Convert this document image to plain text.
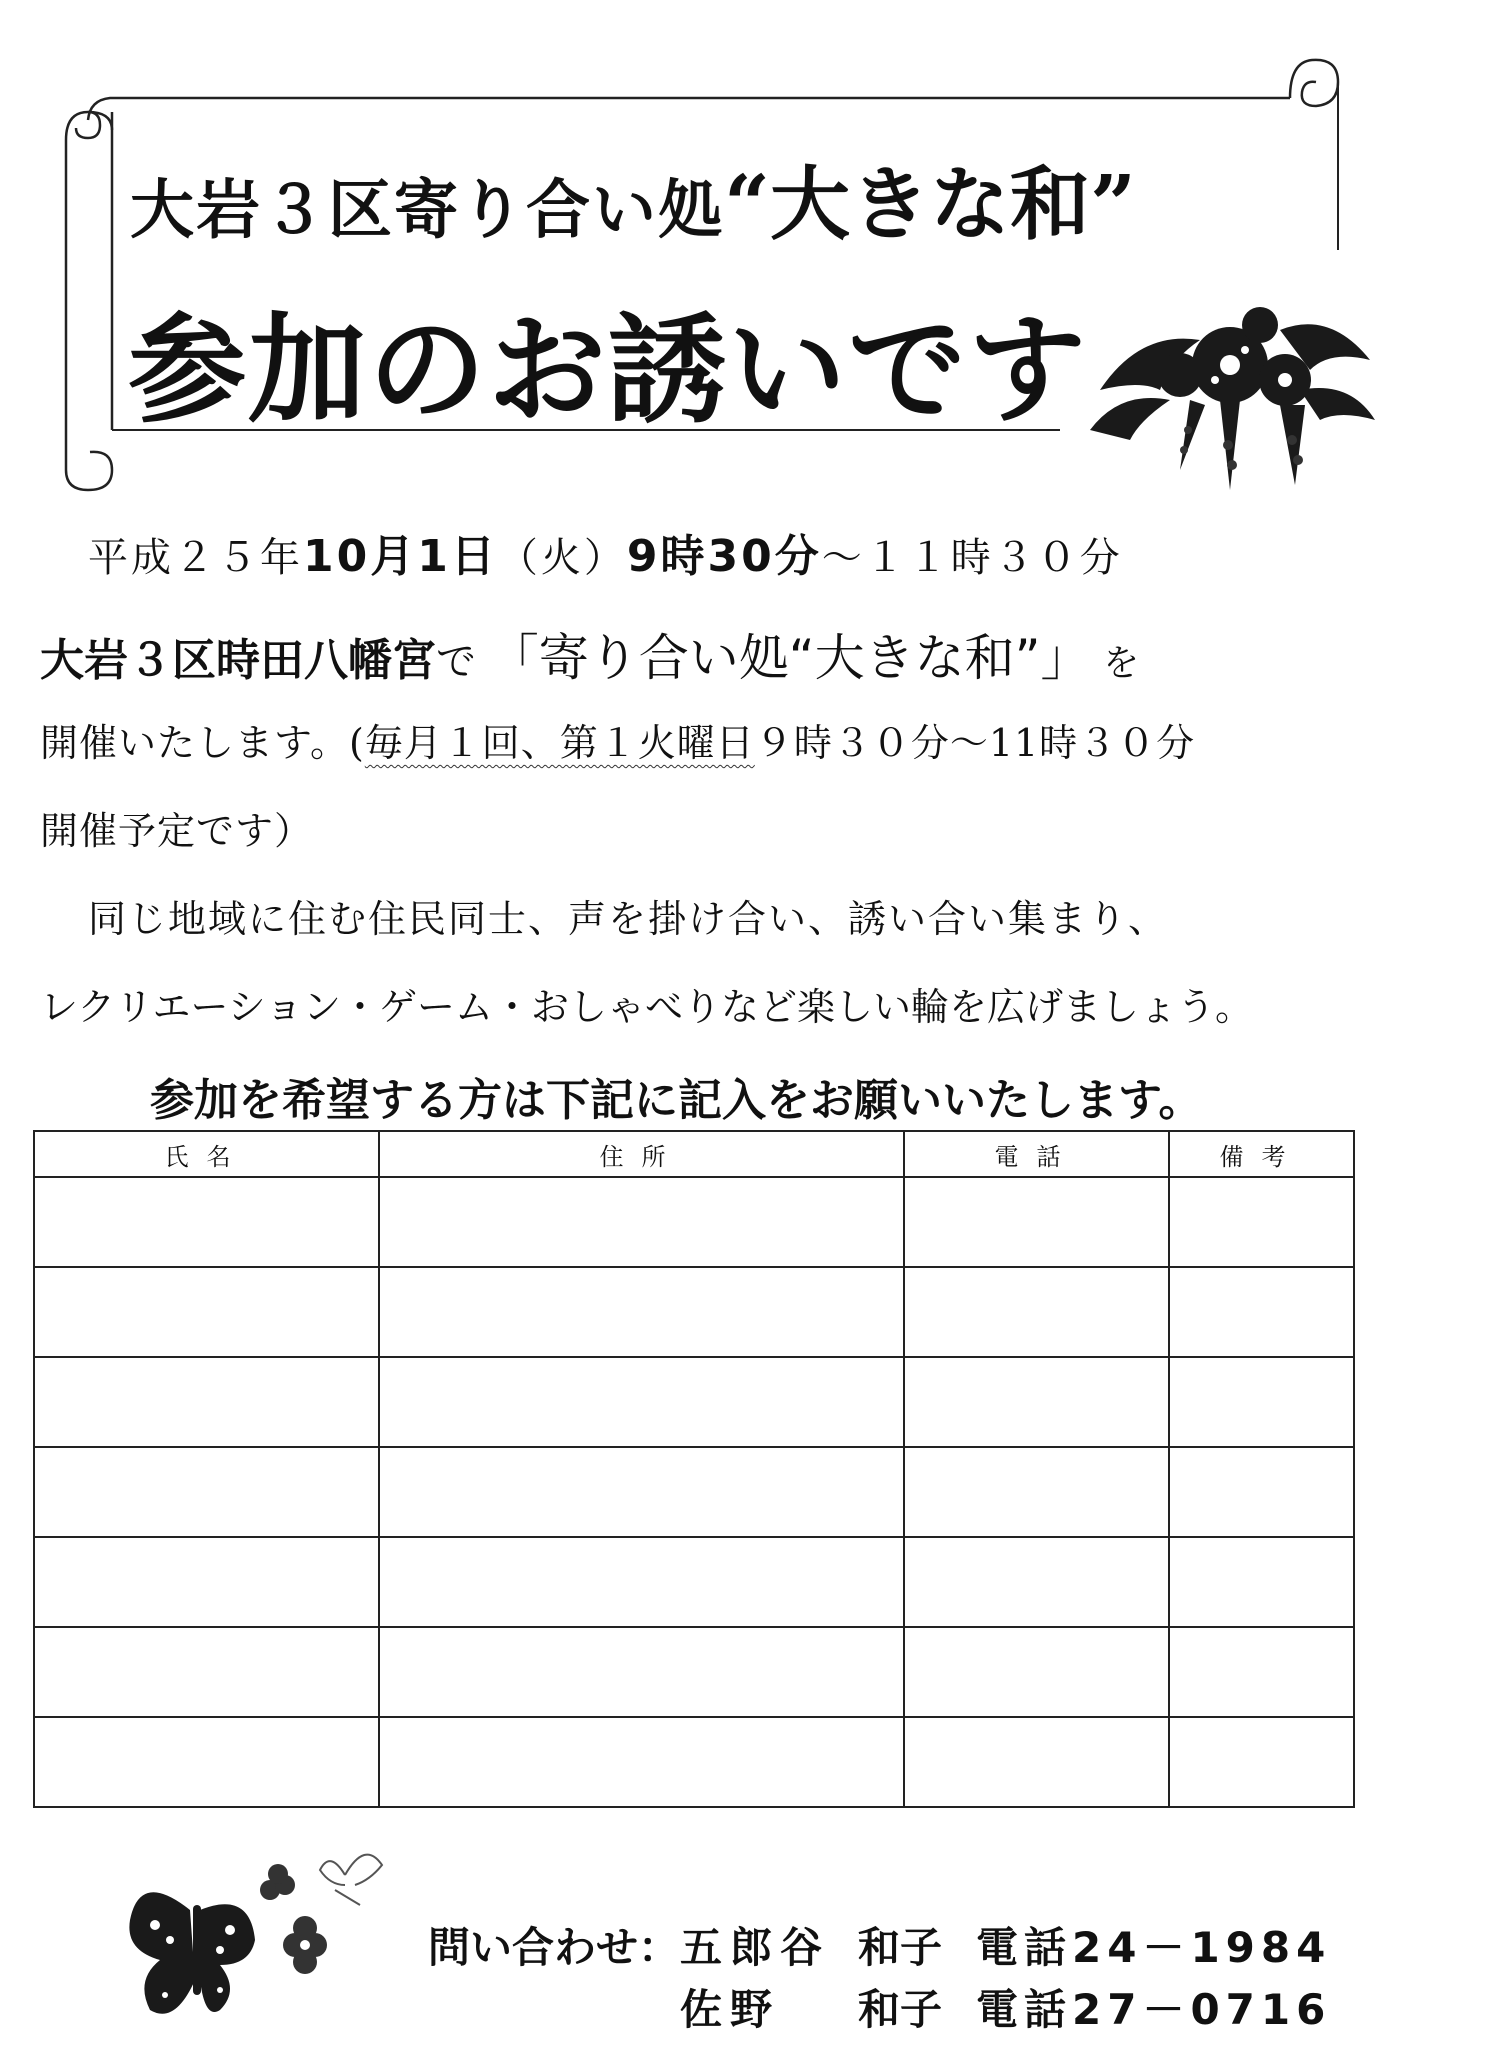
大岩３区寄り合い処“大きな和”
参加のお誘いです
平成２５年10月1日（火）9時30分～１１時３０分
大岩３区時田八幡宮で 「寄り合い処“大きな和”」 を
開催いたします。(毎月１回、第１火曜日９時３０分～11時３０分
開催予定です）
同じ地域に住む住民同士、声を掛け合い、誘い合い集まり、
レクリエーション・ゲーム・おしゃべりなど楽しい輪を広げましょう。
参加を希望する方は下記に記入をお願いいたします。
氏名	住所	電話	備考

問い合わせ： 五郎谷 和子 電話24－1984
佐野 和子 電話27－0716
